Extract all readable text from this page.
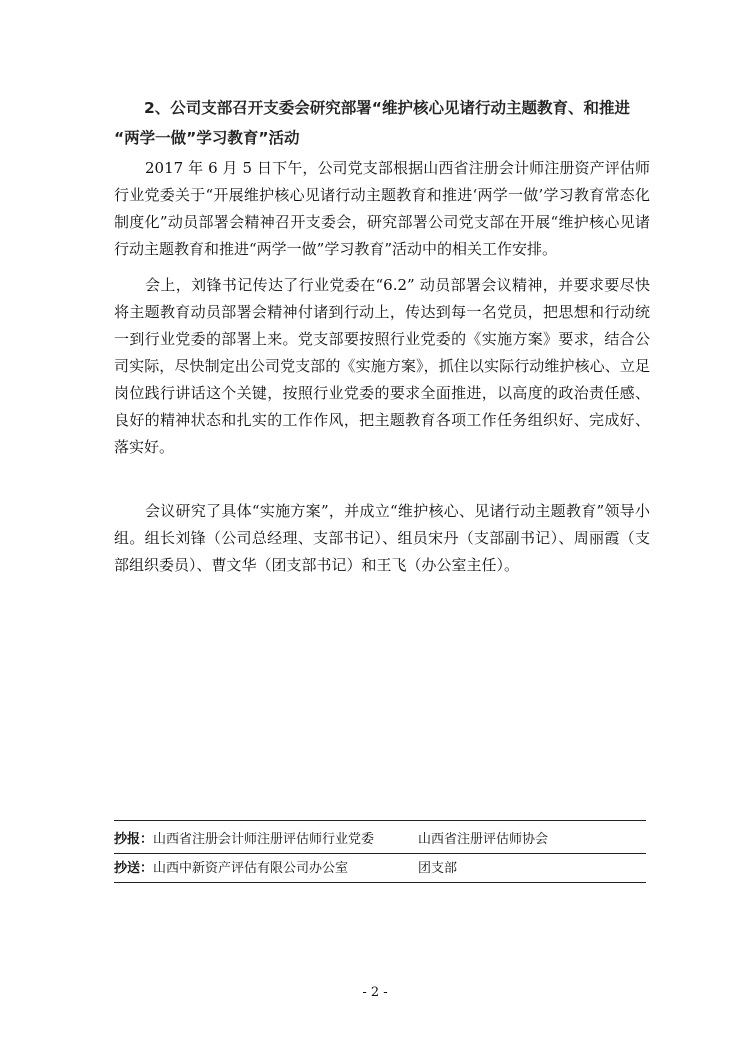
2、公司支部召开支委会研究部署“维护核心见诸行动主题教育、和推进
“两学一做”学习教育”活动

2017 年 6 月 5 日下午，公司党支部根据山西省注册会计师注册资产评估师行业党委关于“开展维护核心见诸行动主题教育和推进‘两学一做’学习教育常态化制度化”动员部署会精神召开支委会，研究部署公司党支部在开展“维护核心见诸行动主题教育和推进“两学一做”学习教育”活动中的相关工作安排。

会上，刘锋书记传达了行业党委在“6.2” 动员部署会议精神，并要求要尽快将主题教育动员部署会精神付诸到行动上，传达到每一名党员，把思想和行动统一到行业党委的部署上来。党支部要按照行业党委的《实施方案》要求，结合公司实际，尽快制定出公司党支部的《实施方案》，抓住以实际行动维护核心、立足岗位践行讲话这个关键，按照行业党委的要求全面推进，以高度的政治责任感、良好的精神状态和扎实的工作作风，把主题教育各项工作任务组织好、完成好、落实好。

会议研究了具体“实施方案”，并成立“维护核心、见诸行动主题教育”领导小组。组长刘锋（公司总经理、支部书记）、组员宋丹（支部副书记）、周丽霞（支部组织委员）、曹文华（团支部书记）和王飞（办公室主任）。

抄报：山西省注册会计师注册评估师行业党委	山西省注册评估师协会
抄送：山西中新资产评估有限公司办公室	团支部
- 2 -
